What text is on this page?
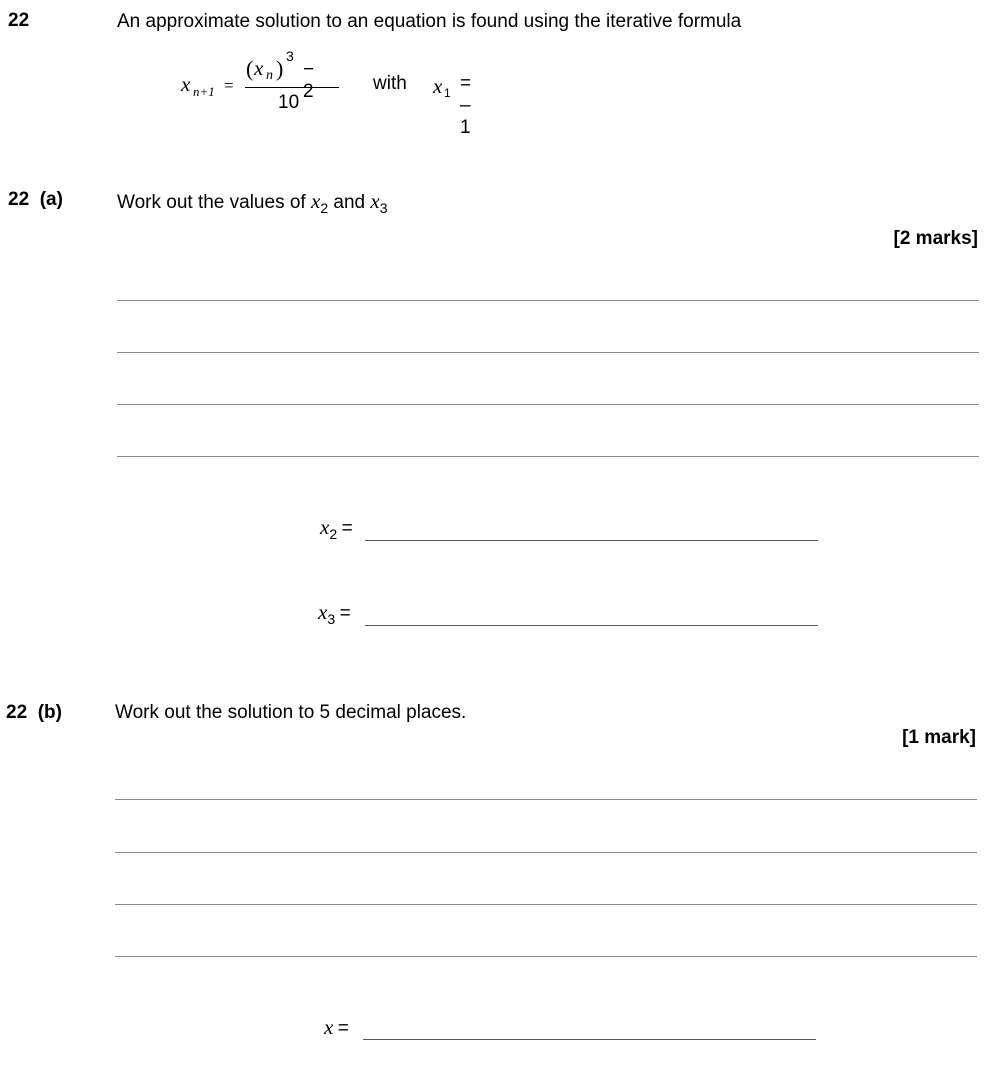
22	An approximate solution to an equation is found using the iterative formula
x n+1 =
( x n ) 3
− 2
10
with x 1 = –1
22  (a)	Work out the values of $x_2$ and $x_3$
[2 marks]
x2 =
x3 =
22  (b)	Work out the solution to 5 decimal places.
[1 mark]
x =
